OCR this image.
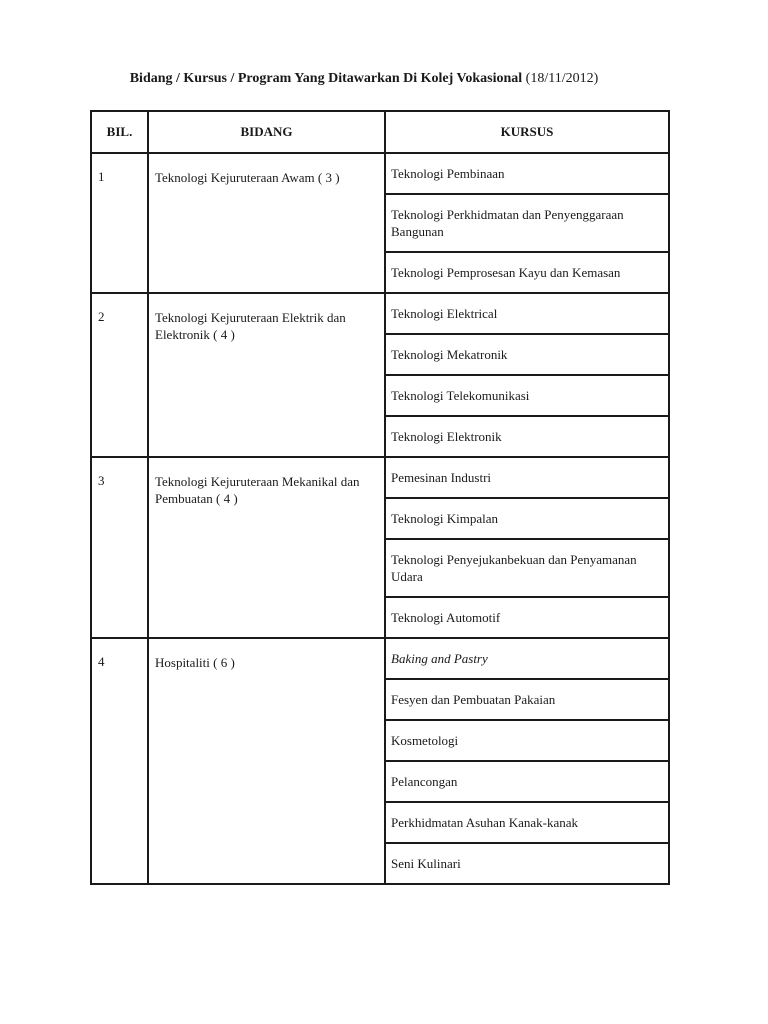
Bidang / Kursus / Program Yang Ditawarkan Di Kolej Vokasional (18/11/2012)
BIL.	BIDANG	KURSUS
1	Teknologi Kejuruteraan Awam ( 3 )	Teknologi Pembinaan
		Teknologi Perkhidmatan dan Penyenggaraan Bangunan
		Teknologi Pemprosesan Kayu dan Kemasan
2	Teknologi Kejuruteraan Elektrik dan Elektronik ( 4 )	Teknologi Elektrical
		Teknologi Mekatronik
		Teknologi Telekomunikasi
		Teknologi Elektronik
3	Teknologi Kejuruteraan Mekanikal dan Pembuatan ( 4 )	Pemesinan Industri
		Teknologi Kimpalan
		Teknologi Penyejukanbekuan dan Penyamanan Udara
		Teknologi Automotif
4	Hospitaliti ( 6 )	Baking and Pastry
		Fesyen dan Pembuatan Pakaian
		Kosmetologi
		Pelancongan
		Perkhidmatan Asuhan Kanak-kanak
		Seni Kulinari
